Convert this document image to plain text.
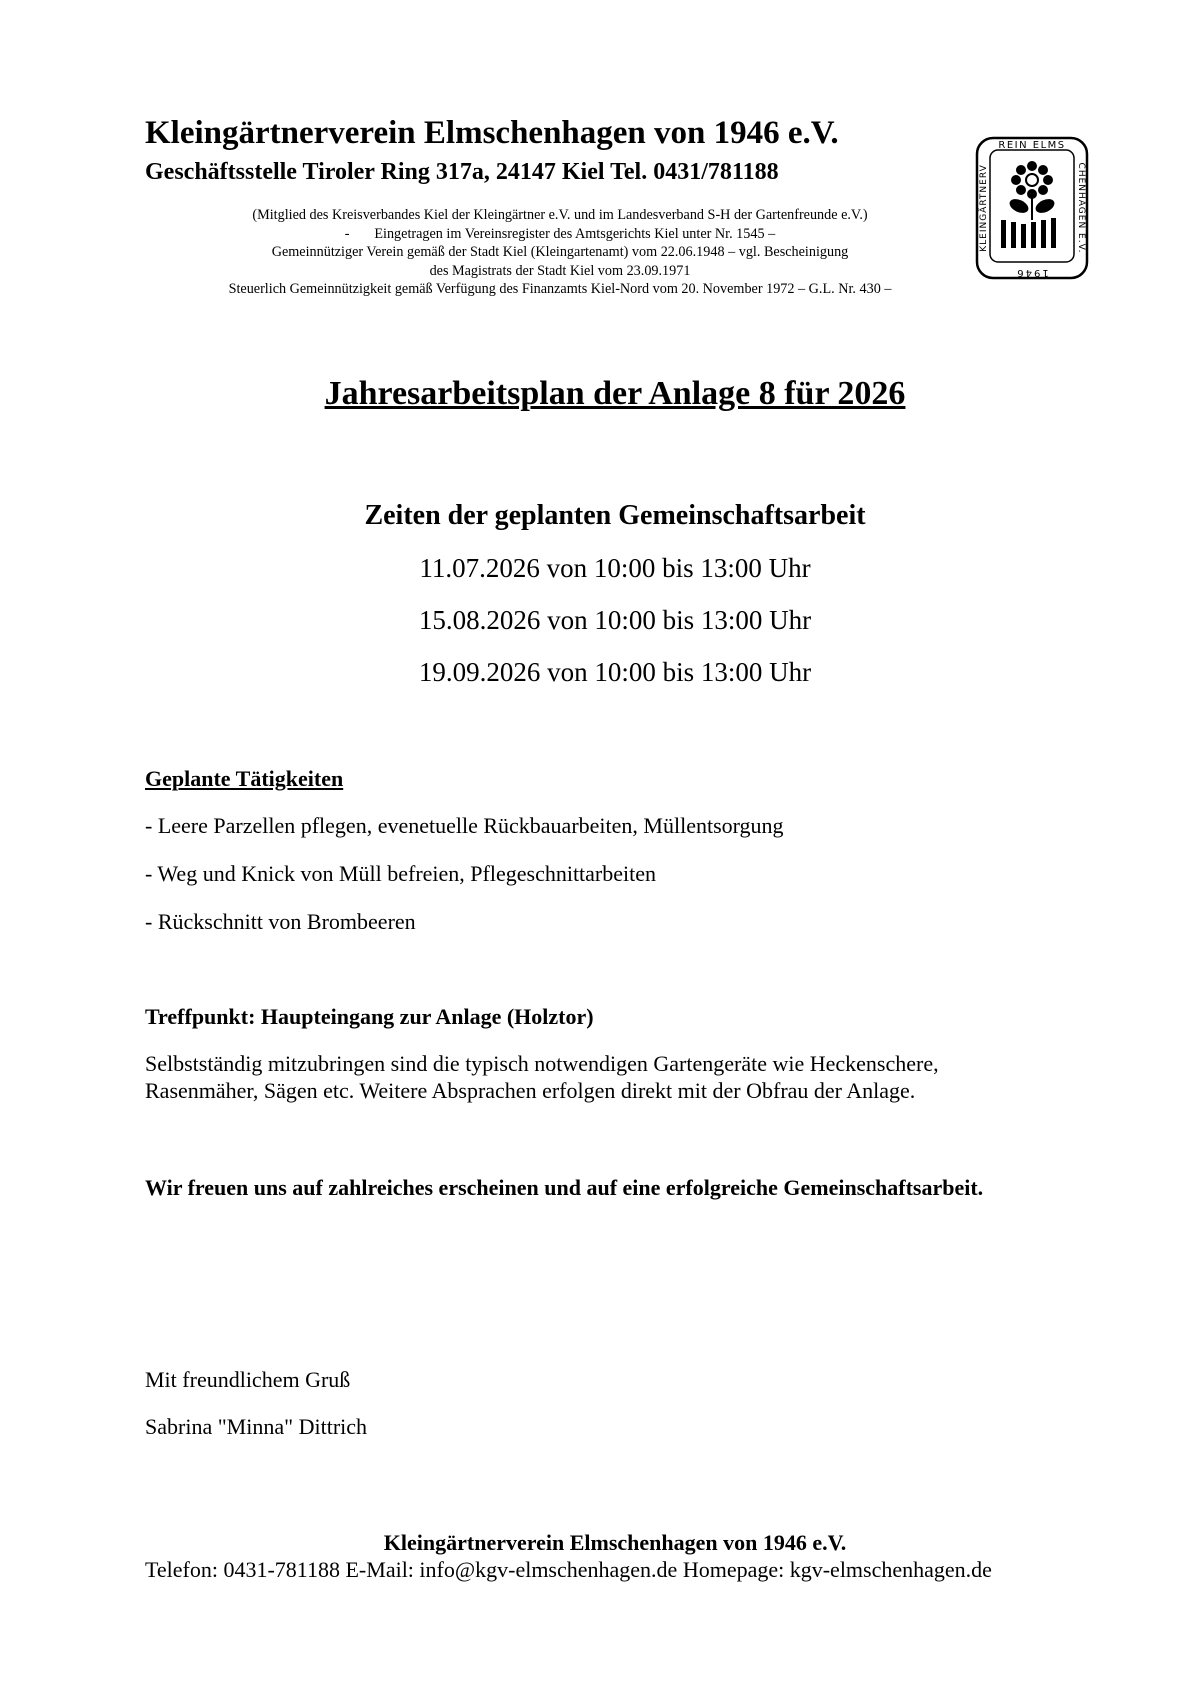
Kleingärtnerverein Elmschenhagen von 1946 e.V.
Geschäftsstelle Tiroler Ring 317a, 24147 Kiel Tel. 0431/781188
(Mitglied des Kreisverbandes Kiel der Kleingärtner e.V. und im Landesverband S-H der Gartenfreunde e.V.)
-       Eingetragen im Vereinsregister des Amtsgerichts Kiel unter Nr. 1545 –
Gemeinnütziger Verein gemäß der Stadt Kiel (Kleingartenamt) vom 22.06.1948 – vgl. Bescheinigung
des Magistrats der Stadt Kiel vom 23.09.1971
Steuerlich Gemeinnützigkeit gemäß Verfügung des Finanzamts Kiel-Nord vom 20. November 1972 – G.L. Nr. 430 –
REIN ELMS
KLEINGÄRTNERV	CHENHAGEN E.V.
1946
Jahresarbeitsplan der Anlage 8 für 2026
Zeiten der geplanten Gemeinschaftsarbeit
11.07.2026 von 10:00 bis 13:00 Uhr
15.08.2026 von 10:00 bis 13:00 Uhr
19.09.2026 von 10:00 bis 13:00 Uhr
Geplante Tätigkeiten
- Leere Parzellen pflegen, evenetuelle Rückbauarbeiten, Müllentsorgung
- Weg und Knick von Müll befreien, Pflegeschnittarbeiten
- Rückschnitt von Brombeeren
Treffpunkt: Haupteingang zur Anlage (Holztor)
Selbstständig mitzubringen sind die typisch notwendigen Gartengeräte wie Heckenschere,
Rasenmäher, Sägen etc. Weitere Absprachen erfolgen direkt mit der Obfrau der Anlage.
Wir freuen uns auf zahlreiches erscheinen und auf eine erfolgreiche Gemeinschaftsarbeit.
Mit freundlichem Gruß
Sabrina "Minna" Dittrich
Kleingärtnerverein Elmschenhagen von 1946 e.V.
Telefon: 0431-781188 E-Mail: info@kgv-elmschenhagen.de Homepage: kgv-elmschenhagen.de
